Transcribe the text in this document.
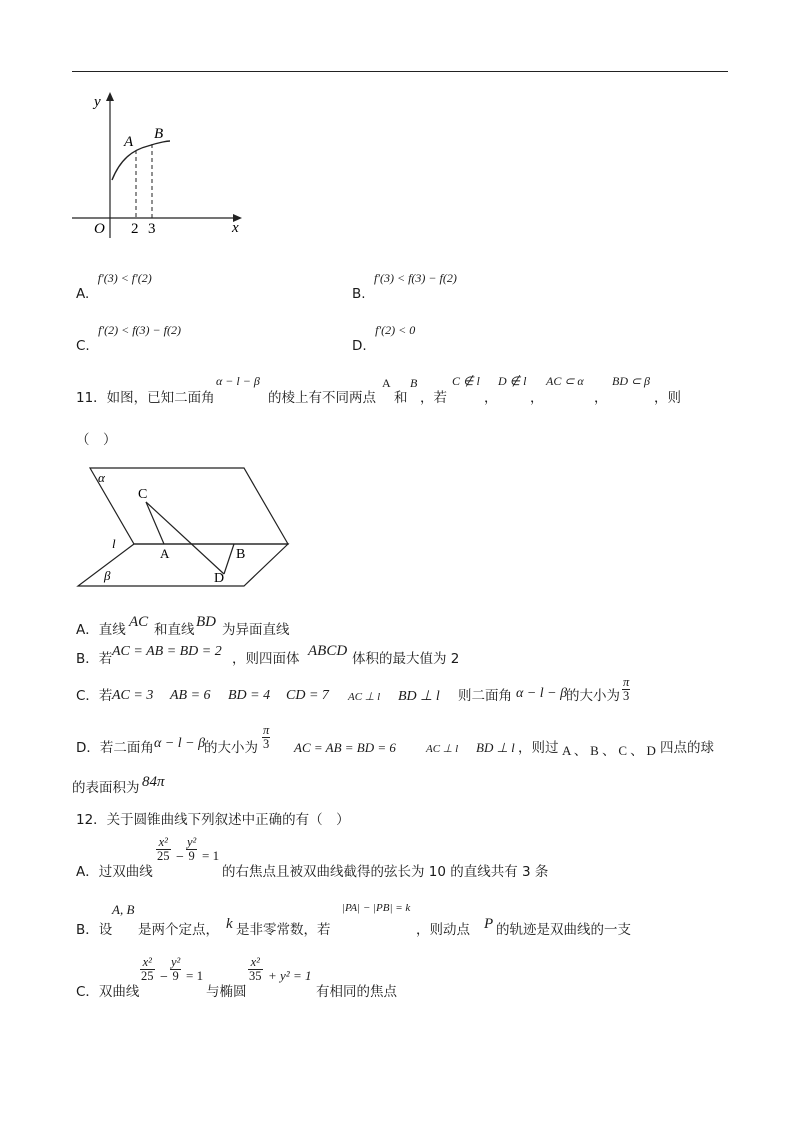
y
x
O
A B
2 3
A. f′(3) < f′(2)
B. f′(3) < f(3) − f(2)
C. f′(2) < f(3) − f(2)
D. f′(2) < 0
11．如图，已知二面角
α − l − β
的棱上有不同两点
A
和
B
，若
C ∉ l
，
D ∉ l
，
AC ⊂ α
，
BD ⊂ β
，则
（　）
α
β
l
C
A	B
D
A．直线 AC 和直线 BD 为异面直线
B．若 AC = AB = BD = 2 ，则四面体 ABCD 体积的最大值为 2
C．若 AC = 3 AB = 6 BD = 4 CD = 7 AC ⊥ l BD ⊥ l 则二面角 α − l − β
的大小为 $\frac{\pi}{3}$
D．若二面角 α − l − β
的大小为 $\frac{\pi}{3}$ AC = AB = BD = 6	AC ⊥ l BD ⊥ l ，则过 A 、 B 、 C 、 D 四点的球
的表面积为 84π
12．关于圆锥曲线下列叙述中正确的有（　）
A．过双曲线
$\frac{\text{x²}}{25} - \frac{\text{y²}}{9} = 1$
的右焦点且被双曲线截得的弦长为 10 的直线共有 3 条
B．设
A, B
是两个定点， k 是非零常数，若
|PA| − |PB| = k
，则动点 P 的轨迹是双曲线的一支
C．双曲线
$\frac{\text{x²}}{25} - \frac{\text{y²}}{9} = 1$
与椭圆
$\frac{\text{x²}}{35} + y^2 = 1$
有相同的焦点
